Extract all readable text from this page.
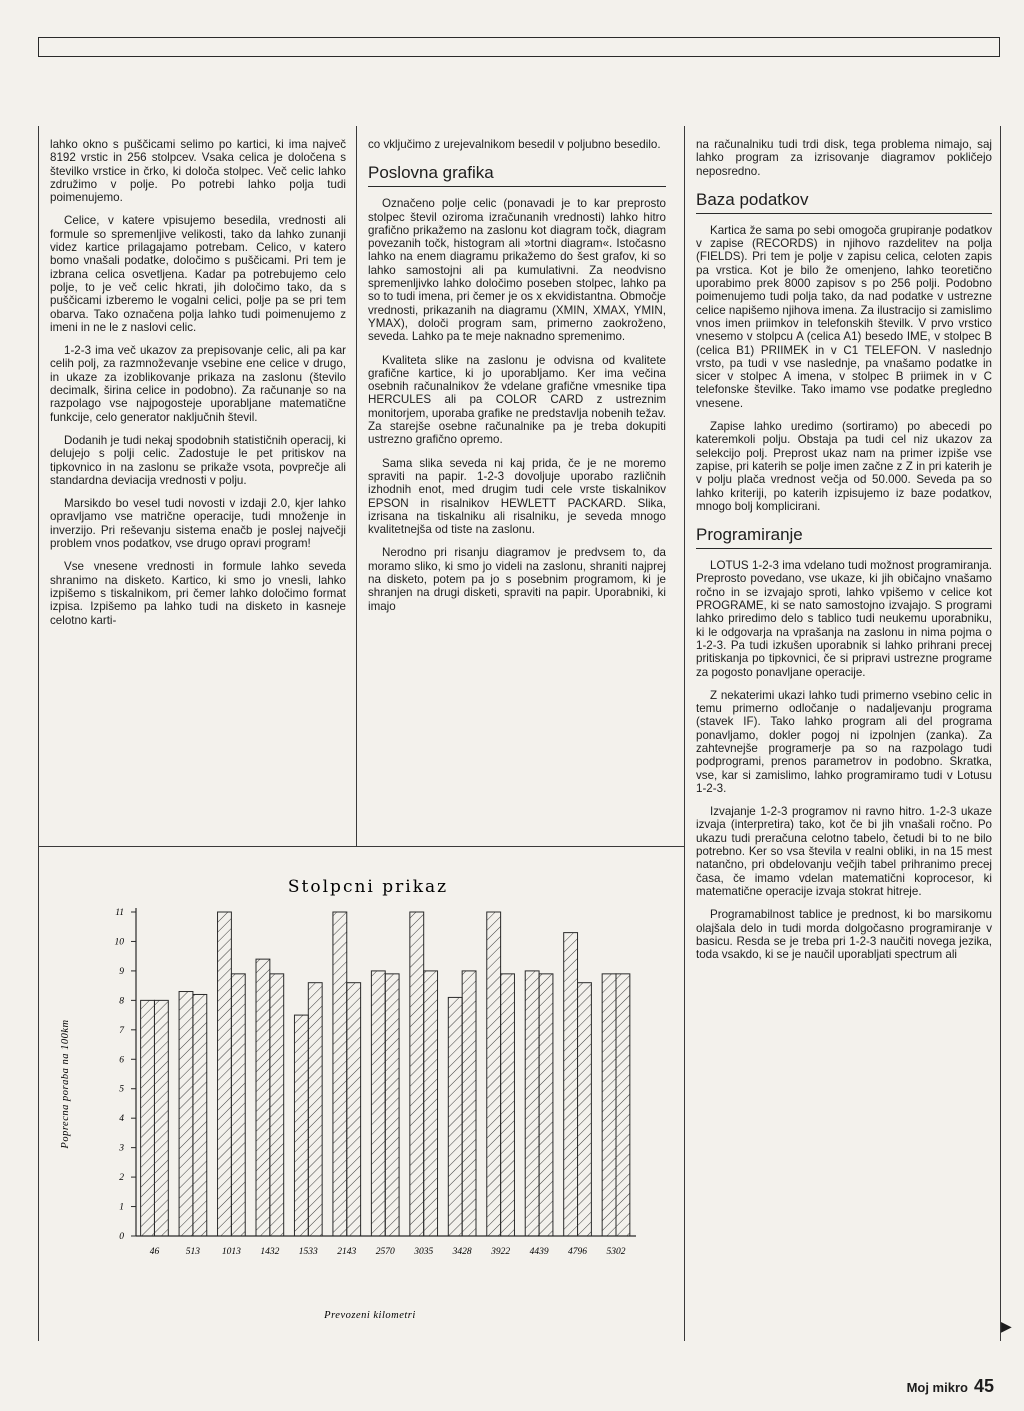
lahko okno s puščicami selimo po kartici, ki ima največ 8192 vrstic in 256 stolpcev. Vsaka celica je določena s številko vrstice in črko, ki določa stolpec. Več celic lahko združimo v polje. Po potrebi lahko polja tudi poimenujemo.

Celice, v katere vpisujemo besedila, vrednosti ali formule so spremenljive velikosti, tako da lahko zunanji videz kartice prilagajamo potrebam. Celico, v katero bomo vnašali podatke, določimo s puščicami. Pri tem je izbrana celica osvetljena. Kadar pa potrebujemo celo polje, to je več celic hkrati, jih določimo tako, da s puščicami izberemo le vogalni celici, polje pa se pri tem obarva. Tako označena polja lahko tudi poimenujemo z imeni in ne le z naslovi celic.

1-2-3 ima več ukazov za prepisovanje celic, ali pa kar celih polj, za razmnoževanje vsebine ene celice v drugo, in ukaze za izoblikovanje prikaza na zaslonu (število decimalk, širina celice in podobno). Za računanje so na razpolago vse najpogosteje uporabljane matematične funkcije, celo generator naključnih števil.

Dodanih je tudi nekaj spodobnih statističnih operacij, ki delujejo s polji celic. Zadostuje le pet pritiskov na tipkovnico in na zaslonu se prikaže vsota, povprečje ali standardna deviacija vrednosti v polju.

Marsikdo bo vesel tudi novosti v izdaji 2.0, kjer lahko opravljamo vse matrične operacije, tudi množenje in inverzijo. Pri reševanju sistema enačb je poslej največji problem vnos podatkov, vse drugo opravi program!

Vse vnesene vrednosti in formule lahko seveda shranimo na disketo. Kartico, ki smo jo vnesli, lahko izpišemo s tiskalnikom, pri čemer lahko določimo format izpisa. Izpišemo pa lahko tudi na disketo in kasneje celotno karti-

co vključimo z urejevalnikom besedil v poljubno besedilo.

Poslovna grafika

Označeno polje celic (ponavadi je to kar preprosto stolpec števil oziroma izračunanih vrednosti) lahko hitro grafično prikažemo na zaslonu kot diagram točk, diagram povezanih točk, histogram ali »tortni diagram«. Istočasno lahko na enem diagramu prikažemo do šest grafov, ki so lahko samostojni ali pa kumulativni. Za neodvisno spremenljivko lahko določimo poseben stolpec, lahko pa so to tudi imena, pri čemer je os x ekvidistantna. Območje vrednosti, prikazanih na diagramu (XMIN, XMAX, YMIN, YMAX), določi program sam, primerno zaokroženo, seveda. Lahko pa te meje naknadno spremenimo.

Kvaliteta slike na zaslonu je odvisna od kvalitete grafične kartice, ki jo uporabljamo. Ker ima večina osebnih računalnikov že vdelane grafične vmesnike tipa HERCULES ali pa COLOR CARD z ustreznim monitorjem, uporaba grafike ne predstavlja nobenih težav. Za starejše osebne računalnike pa je treba dokupiti ustrezno grafično opremo.

Sama slika seveda ni kaj prida, če je ne moremo spraviti na papir. 1-2-3 dovoljuje uporabo različnih izhodnih enot, med drugim tudi cele vrste tiskalnikov EPSON in risalnikov HEWLETT PACKARD. Slika, izrisana na tiskalniku ali risalniku, je seveda mnogo kvalitetnejša od tiste na zaslonu.

Nerodno pri risanju diagramov je predvsem to, da moramo sliko, ki smo jo videli na zaslonu, shraniti najprej na disketo, potem pa jo s posebnim programom, ki je shranjen na drugi disketi, spraviti na papir. Uporabniki, ki imajo

na računalniku tudi trdi disk, tega problema nimajo, saj lahko program za izrisovanje diagramov pokličejo neposredno.

Baza podatkov

Kartica že sama po sebi omogoča grupiranje podatkov v zapise (RECORDS) in njihovo razdelitev na polja (FIELDS). Pri tem je polje v zapisu celica, celoten zapis pa vrstica. Kot je bilo že omenjeno, lahko teoretično uporabimo prek 8000 zapisov s po 256 polji. Podobno poimenujemo tudi polja tako, da nad podatke v ustrezne celice napišemo njihova imena. Za ilustracijo si zamislimo vnos imen priimkov in telefonskih številk. V prvo vrstico vnesemo v stolpcu A (celica A1) besedo IME, v stolpec B (celica B1) PRIIMEK in v C1 TELEFON. V naslednjo vrsto, pa tudi v vse naslednje, pa vnašamo podatke in sicer v stolpec A imena, v stolpec B priimek in v C telefonske številke. Tako imamo vse podatke pregledno vnesene.

Zapise lahko uredimo (sortiramo) po abecedi po kateremkoli polju. Obstaja pa tudi cel niz ukazov za selekcijo polj. Preprost ukaz nam na primer izpiše vse zapise, pri katerih se polje imen začne z Z in pri katerih je v polju plača vrednost večja od 50.000. Seveda pa so lahko kriteriji, po katerih izpisujemo iz baze podatkov, mnogo bolj komplicirani.

Programiranje

LOTUS 1-2-3 ima vdelano tudi možnost programiranja. Preprosto povedano, vse ukaze, ki jih običajno vnašamo ročno in se izvajajo sproti, lahko vpišemo v celice kot PROGRAME, ki se nato samostojno izvajajo. S programi lahko priredimo delo s tablico tudi neukemu uporabniku, ki le odgovarja na vprašanja na zaslonu in nima pojma o 1-2-3. Pa tudi izkušen uporabnik si lahko prihrani precej pritiskanja po tipkovnici, če si pripravi ustrezne programe za pogosto ponavljane operacije.

Z nekaterimi ukazi lahko tudi primerno vsebino celic in temu primerno odločanje o nadaljevanju programa (stavek IF). Tako lahko program ali del programa ponavljamo, dokler pogoj ni izpolnjen (zanka). Za zahtevnejše programerje pa so na razpolago tudi podprogrami, prenos parametrov in podobno. Skratka, vse, kar si zamislimo, lahko programiramo tudi v Lotusu 1-2-3.

Izvajanje 1-2-3 programov ni ravno hitro. 1-2-3 ukaze izvaja (interpretira) tako, kot če bi jih vnašali ročno. Po ukazu tudi preračuna celotno tabelo, četudi bi to ne bilo potrebno. Ker so vsa števila v realni obliki, in na 15 mest natančno, pri obdelovanju večjih tabel prihranimo precej časa, če imamo vdelan matematični koprocesor, ki matematične operacije izvaja stokrat hitreje.

Programabilnost tablice je prednost, ki bo marsikomu olajšala delo in tudi morda dolgočasno programiranje v basicu. Resda se je treba pri 1-2-3 naučiti novega jezika, toda vsakdo, ki se je naučil uporabljati spectrum ali

Stolpcni prikaz
Poprecna poraba na 100km
Prevozeni kilometri
0
1
2
3
4
5
6
7
8
9
10
11
46	513 1013 1432 1533 2143 2570 3035 3428 3922 4439 4796 5302
Moj mikro 45
▶
